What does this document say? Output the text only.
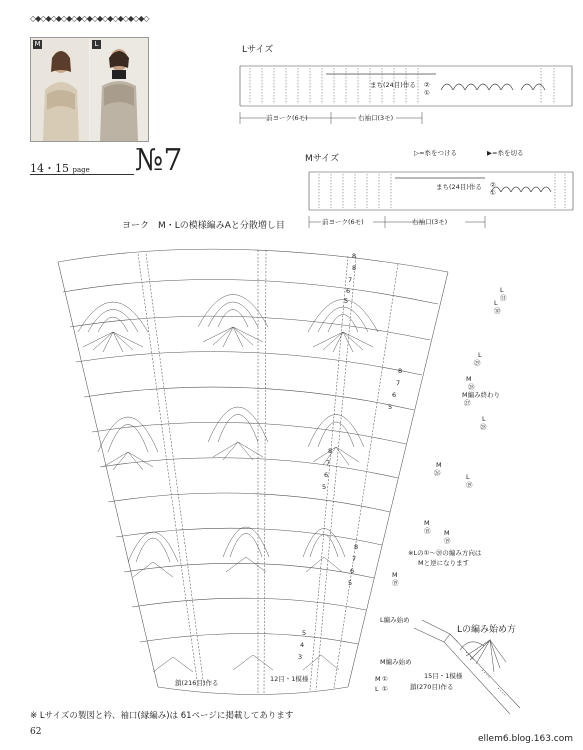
◇◆◇◆◇◆◇◆◇◆◇◆◇◆◇◆◇◆◇◆◇◆◇
M	L
14・15 page №7
Lサイズ
まち(24目)作る ②
①
前ヨーク(6モ)	右袖口(3モ)
Mサイズ
▷=糸をつける	▶=糸を切る
まち(24目)作る ②
①
前ヨーク(6モ)	右袖口(3モ)
ヨーク　M・Lの模様編みAと分散増し目
8
8
7
6
5
8
7
6
5
8
7
6
5
8
7
6
5
5
4
3
L
㉛
L
㉚
L
㉙
M
㉘
L
㉘
M
㉖
M
⑮ M
⑲
L
⑲
M編み終わり
㉗
※Lの①～⑳の編み方向は
Mと逆になります
M
⑲
L編み始め
M編み始め
M ①
L ①
鎖(216目)作る	12目・1模様
Lの編み始め方
15目・1模様
鎖(270目)作る
※ Lサイズの製図と衿、袖口(縁編み)は 61ページに掲載してあります
62
ellem6.blog.163.com
